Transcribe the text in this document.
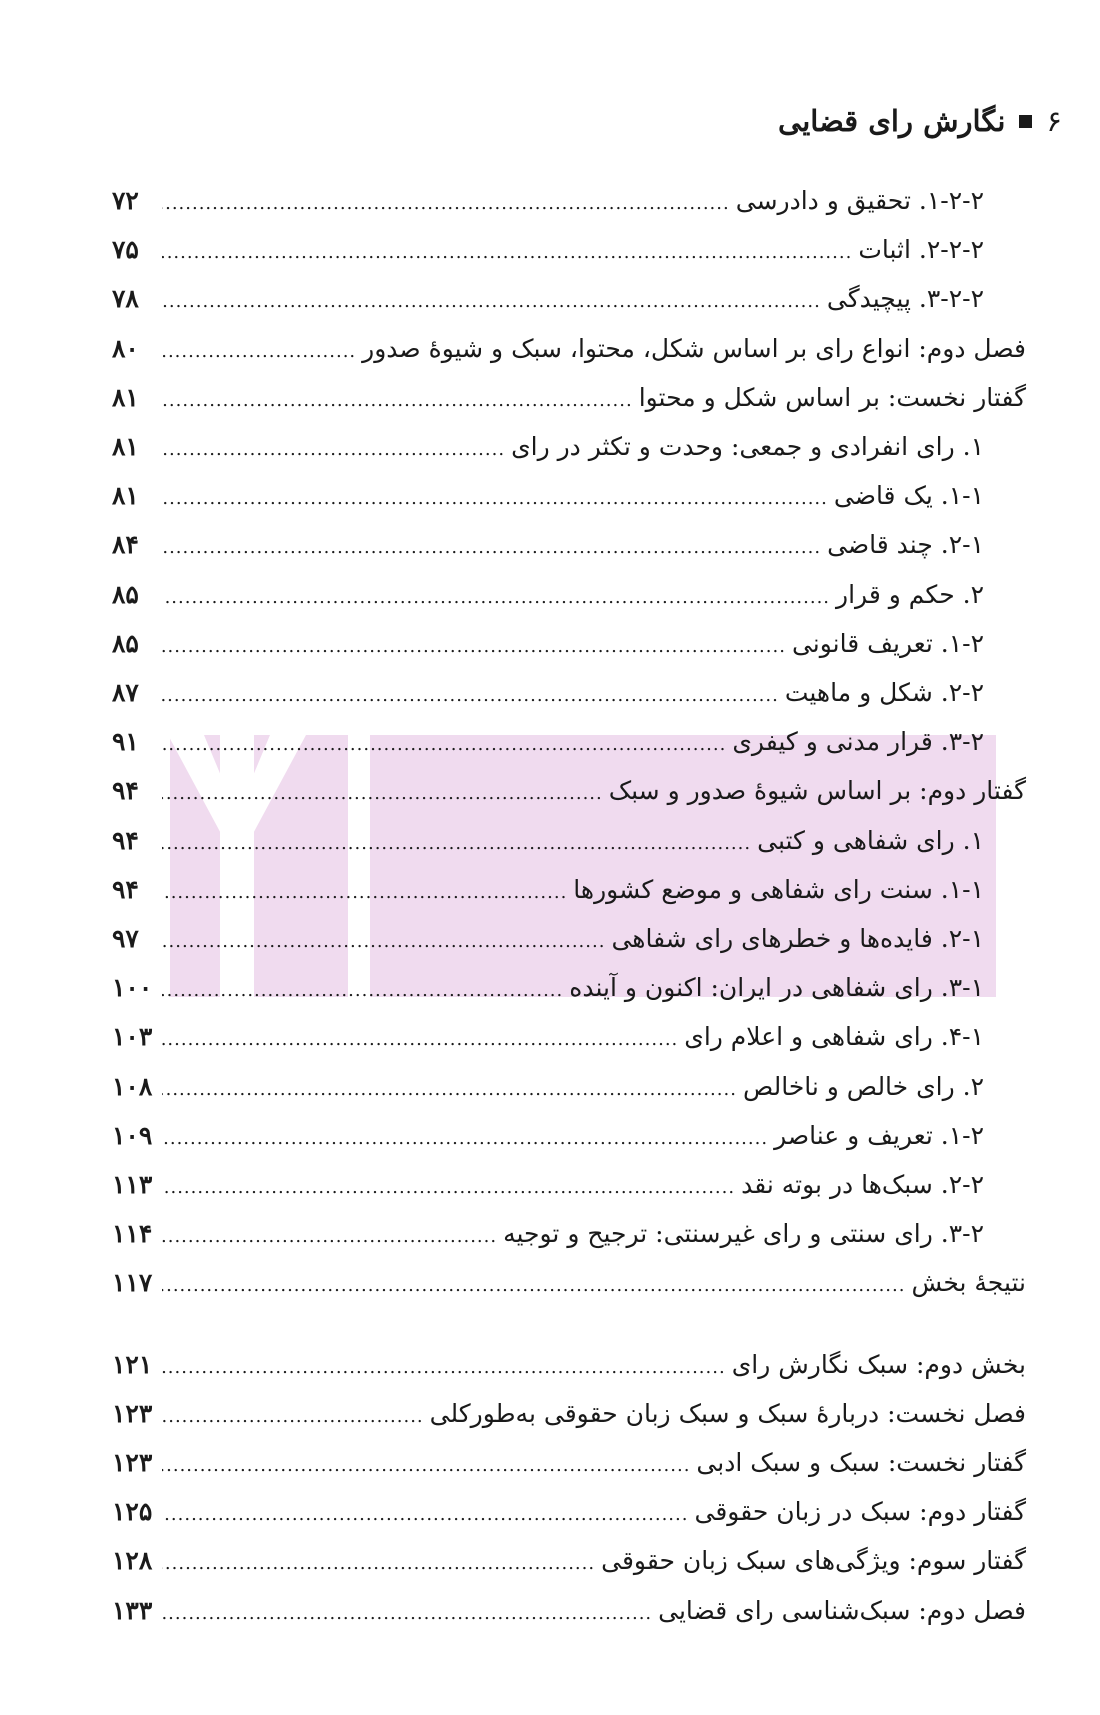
۶
نگارش رای قضایی
۱-۲-۲. تحقیق و دادرسی
.....
۷۲
۲-۲-۲. اثبات
.....
۷۵
۳-۲-۲. پیچیدگی
.....
۷۸
فصل دوم: انواع رای بر اساس شکل، محتوا، سبک و شیوهٔ صدور
.....
۸۰
گفتار نخست: بر اساس شکل و محتوا
.....
۸۱
۱. رای انفرادی و جمعی: وحدت و تکثر در رای
.....
۸۱
۱-۱. یک قاضی
.....
۸۱
۲-۱. چند قاضی
.....
۸۴
۲. حکم و قرار
.....
۸۵
۱-۲. تعریف قانونی
.....
۸۵
۲-۲. شکل و ماهیت
.....
۸۷
۳-۲. قرار مدنی و کیفری
.....
۹۱
گفتار دوم: بر اساس شیوهٔ صدور و سبک
.....
۹۴
۱. رای شفاهی و کتبی
.....
۹۴
۱-۱. سنت رای شفاهی و موضع کشورها
.....
۹۴
۲-۱. فایده‌ها و خطرهای رای شفاهی
.....
۹۷
۳-۱. رای شفاهی در ایران: اکنون و آینده
.....
۱۰۰
۴-۱. رای شفاهی و اعلام رای
.....
۱۰۳
۲. رای خالص و ناخالص
.....
۱۰۸
۱-۲. تعریف و عناصر
.....
۱۰۹
۲-۲. سبک‌ها در بوته نقد
.....
۱۱۳
۳-۲. رای سنتی و رای غیرسنتی: ترجیح و توجیه
.....
۱۱۴
نتیجهٔ بخش
.....
۱۱۷
بخش دوم: سبک نگارش رای
.....
۱۲۱
فصل نخست: دربارهٔ سبک و سبک زبان حقوقی به‌طورکلی
.....
۱۲۳
گفتار نخست: سبک و سبک ادبی
.....
۱۲۳
گفتار دوم: سبک در زبان حقوقی
.....
۱۲۵
گفتار سوم: ویژگی‌های سبک زبان حقوقی
.....
۱۲۸
فصل دوم: سبک‌شناسی رای قضایی
.....
۱۳۳
